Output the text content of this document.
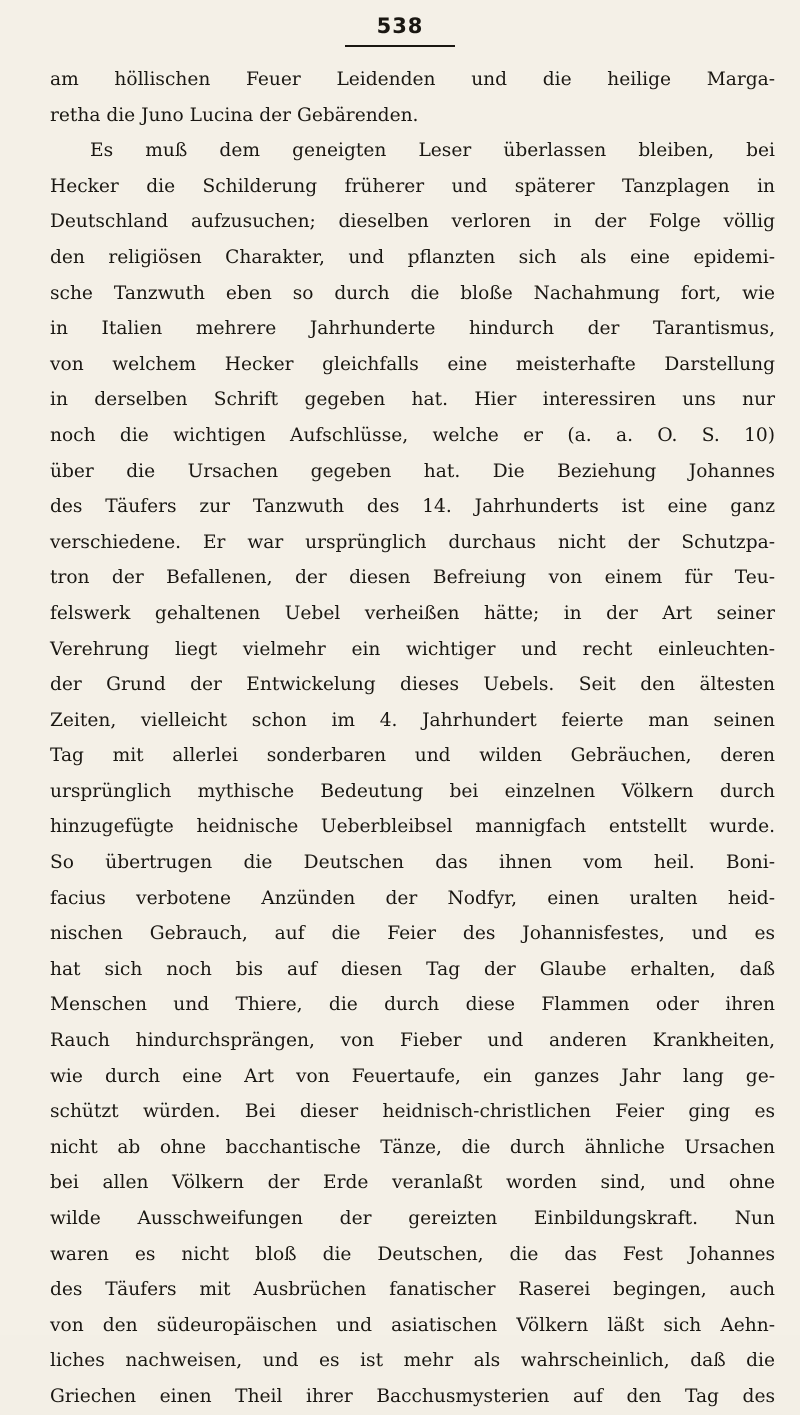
538
am höllischen Feuer Leidenden und die heilige Marga-
retha die Juno Lucina der Gebärenden.
Es muß dem geneigten Leser überlassen bleiben, bei
Hecker die Schilderung früherer und späterer Tanzplagen in
Deutschland aufzusuchen; dieselben verloren in der Folge völlig
den religiösen Charakter, und pflanzten sich als eine epidemi-
sche Tanzwuth eben so durch die bloße Nachahmung fort, wie
in Italien mehrere Jahrhunderte hindurch der Tarantismus,
von welchem Hecker gleichfalls eine meisterhafte Darstellung
in derselben Schrift gegeben hat. Hier interessiren uns nur
noch die wichtigen Aufschlüsse, welche er (a. a. O. S. 10)
über die Ursachen gegeben hat. Die Beziehung Johannes
des Täufers zur Tanzwuth des 14. Jahrhunderts ist eine ganz
verschiedene. Er war ursprünglich durchaus nicht der Schutzpa-
tron der Befallenen, der diesen Befreiung von einem für Teu-
felswerk gehaltenen Uebel verheißen hätte; in der Art seiner
Verehrung liegt vielmehr ein wichtiger und recht einleuchten-
der Grund der Entwickelung dieses Uebels. Seit den ältesten
Zeiten, vielleicht schon im 4. Jahrhundert feierte man seinen
Tag mit allerlei sonderbaren und wilden Gebräuchen, deren
ursprünglich mythische Bedeutung bei einzelnen Völkern durch
hinzugefügte heidnische Ueberbleibsel mannigfach entstellt wurde.
So übertrugen die Deutschen das ihnen vom heil. Boni-
facius verbotene Anzünden der Nodfyr, einen uralten heid-
nischen Gebrauch, auf die Feier des Johannisfestes, und es
hat sich noch bis auf diesen Tag der Glaube erhalten, daß
Menschen und Thiere, die durch diese Flammen oder ihren
Rauch hindurchsprängen, von Fieber und anderen Krankheiten,
wie durch eine Art von Feuertaufe, ein ganzes Jahr lang ge-
schützt würden. Bei dieser heidnisch-christlichen Feier ging es
nicht ab ohne bacchantische Tänze, die durch ähnliche Ursachen
bei allen Völkern der Erde veranlaßt worden sind, und ohne
wilde Ausschweifungen der gereizten Einbildungskraft. Nun
waren es nicht bloß die Deutschen, die das Fest Johannes
des Täufers mit Ausbrüchen fanatischer Raserei begingen, auch
von den südeuropäischen und asiatischen Völkern läßt sich Aehn-
liches nachweisen, und es ist mehr als wahrscheinlich, daß die
Griechen einen Theil ihrer Bacchusmysterien auf den Tag des
